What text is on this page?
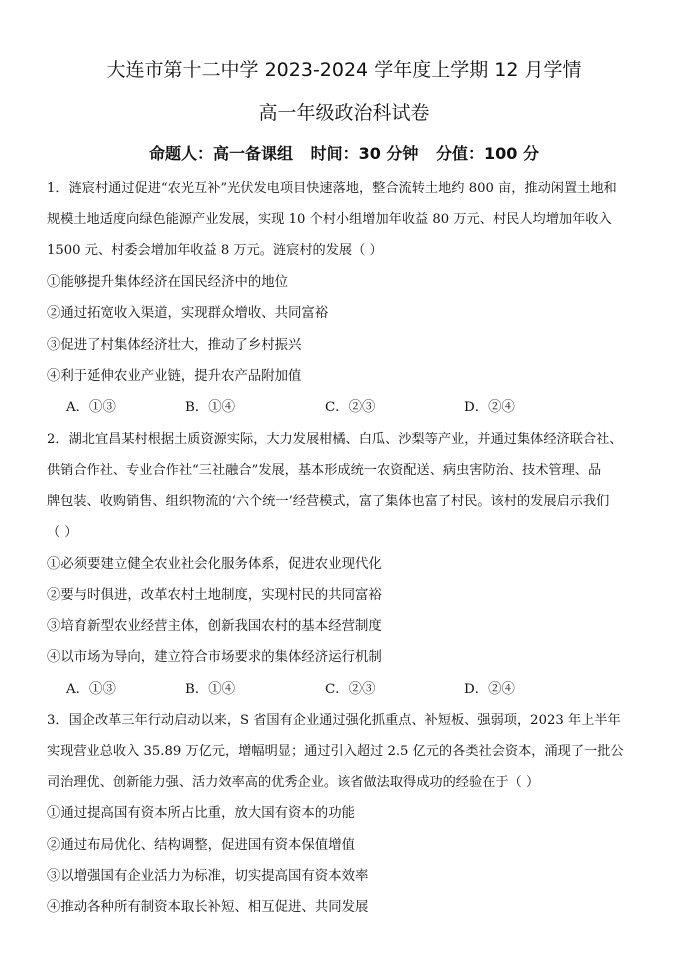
大连市第十二中学 2023-2024 学年度上学期 12 月学情
高一年级政治科试卷
命题人：高一备课组 时间：30 分钟 分值：100 分
1．涟宸村通过促进“农光互补”光伏发电项目快速落地，整合流转土地约 800 亩，推动闲置土地和
规模土地适度向绿色能源产业发展，实现 10 个村小组增加年收益 80 万元、村民人均增加年收入
1500 元、村委会增加年收益 8 万元。涟宸村的发展（ ）
①能够提升集体经济在国民经济中的地位
②通过拓宽收入渠道，实现群众增收、共同富裕
③促进了村集体经济壮大，推动了乡村振兴
④利于延伸农业产业链，提升农产品附加值
A．①③	B．①④	C．②③	D．②④
2．湖北宜昌某村根据土质资源实际，大力发展柑橘、白瓜、沙梨等产业，并通过集体经济联合社、
供销合作社、专业合作社“三社融合”发展，基本形成统一农资配送、病虫害防治、技术管理、品
牌包装、收购销售、组织物流的‘六个统一’经营模式，富了集体也富了村民。该村的发展启示我们
（ ）
①必须要建立健全农业社会化服务体系，促进农业现代化
②要与时俱进，改革农村土地制度，实现村民的共同富裕
③培育新型农业经营主体，创新我国农村的基本经营制度
④以市场为导向，建立符合市场要求的集体经济运行机制
A．①③	B．①④	C．②③	D．②④
3．国企改革三年行动启动以来，S 省国有企业通过强化抓重点、补短板、强弱项，2023 年上半年
实现营业总收入 35.89 万亿元，增幅明显；通过引入超过 2.5 亿元的各类社会资本，涌现了一批公
司治理优、创新能力强、活力效率高的优秀企业。该省做法取得成功的经验在于（ ）
①通过提高国有资本所占比重，放大国有资本的功能
②通过布局优化、结构调整，促进国有资本保值增值
③以增强国有企业活力为标准，切实提高国有资本效率
④推动各种所有制资本取长补短、相互促进、共同发展
